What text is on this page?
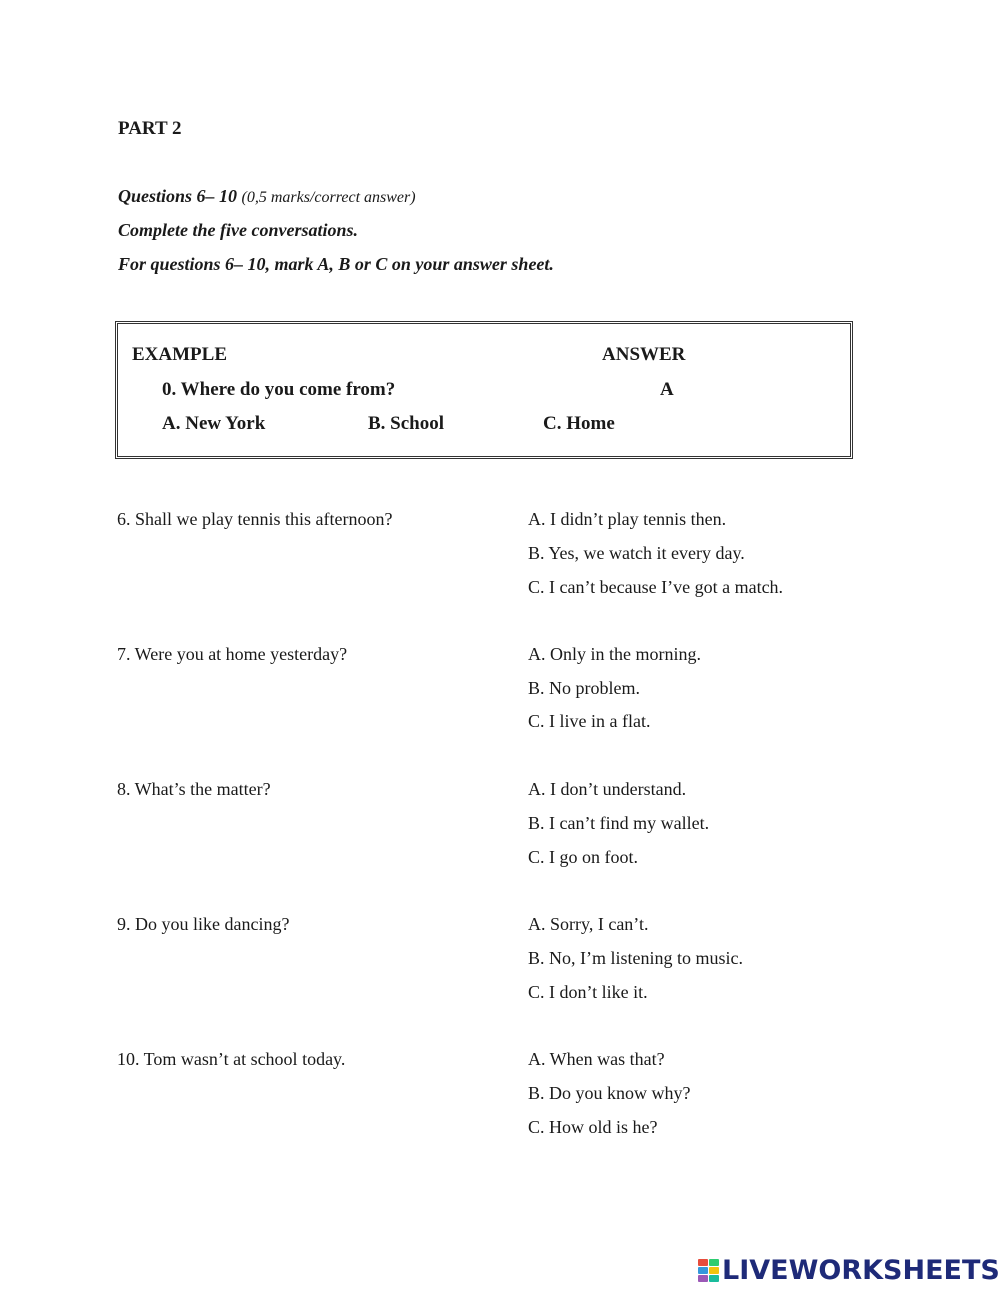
PART 2
Questions 6– 10 (0,5 marks/correct answer)
Complete the five conversations.
For questions 6– 10, mark A, B or C on your answer sheet.
EXAMPLE	ANSWER
0. Where do you come from?	A
A. New York	B. School	C. Home
6. Shall we play tennis this afternoon?	A. I didn’t play tennis then.
B. Yes, we watch it every day.
C. I can’t because I’ve got a match.
7. Were you at home yesterday?	A. Only in the morning.
B. No problem.
C. I live in a flat.
8. What’s the matter?	A. I don’t understand.
B. I can’t find my wallet.
C. I go on foot.
9. Do you like dancing?	A. Sorry, I can’t.
B. No, I’m listening to music.
C. I don’t like it.
10. Tom wasn’t at school today.	A. When was that?
B. Do you know why?
C. How old is he?
LIVEWORKSHEETS
